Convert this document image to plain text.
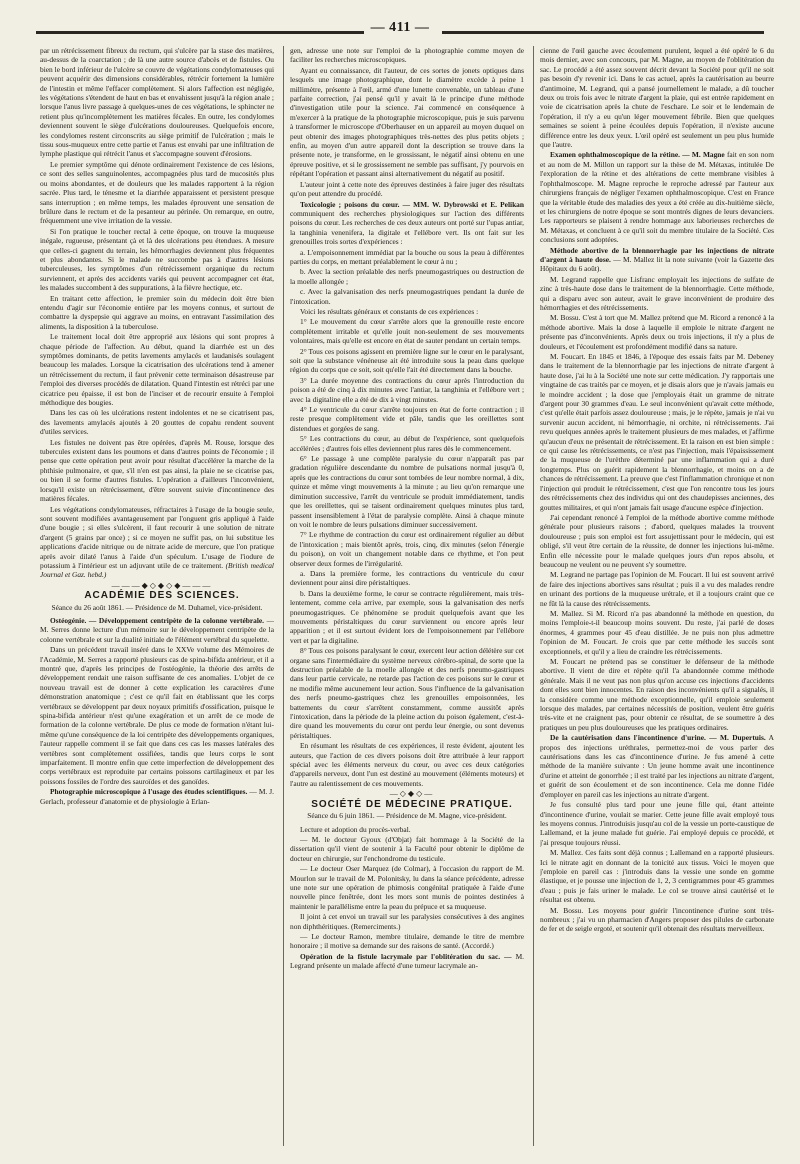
— 411 —

par un rétrécissement fibreux du rectum, qui s'ulcère par la stase des matières, au-dessus de la coarctation ; de là une autre source d'abcès et de fistules. Ou bien le bord inférieur de l'ulcère se couvre de végétations condylomateuses qui peuvent acquérir des dimensions considérables, rétrécir fortement la lumière de l'intestin et même l'effacer complètement. Si alors l'affection est négligée, les végétations s'étendent de haut en bas et envahissent jusqu'à la région anale ; lorsque l'anus livre passage à quelques-unes de ces végétations, le sphincter ne retient plus qu'incomplètement les matières fécales. En outre, les condylomes deviennent souvent le siège d'ulcérations douloureuses. Quelquefois encore, les condylomes restent circonscrits au siège primitif de l'ulcération ; mais le tissu sous-muqueux entre cette partie et l'anus est envahi par une infiltration de lymphe plastique qui rétrécit l'anus et s'accompagne souvent d'érosions.

Le premier symptôme qui dénote ordinairement l'existence de ces lésions, ce sont des selles sanguinolentes, accompagnées plus tard de mucosités plus ou moins abondantes, et de douleurs que les malades rapportent à la région sacrée. Plus tard, le ténesme et la diarrhée apparaissent et persistent presque sans interruption ; en même temps, les malades éprouvent une sensation de brûlure dans le rectum et de la pesanteur au périnée. On remarque, en outre, fréquemment une vive irritation de la vessie.

Si l'on pratique le toucher rectal à cette époque, on trouve la muqueuse inégale, rugueuse, présentant çà et là des ulcérations peu étendues. A mesure que celles-ci gagnent du terrain, les hémorrhagies deviennent plus fréquentes et plus abondantes. Si le malade ne succombe pas à d'autres lésions tuberculeuses, les symptômes d'un rétrécissement organique du rectum surviennent, et après des accidents variés qui peuvent accompagner cet état, les malades succombent à des suppurations, à la fièvre hectique, etc.

En traitant cette affection, le premier soin du médecin doit être bien entendu d'agir sur l'économie entière par les moyens connus, et surtout de combattre la dyspepsie qui aggrave au moins, en entravant l'assimilation des aliments, la disposition à la tuberculose.

Le traitement local doit être approprié aux lésions qui sont propres à chaque période de l'affection. Au début, quand la diarrhée est un des symptômes dominants, de petits lavements amylacés et laudanisés soulagent beaucoup les malades. Lorsque la cicatrisation des ulcérations tend à amener un rétrécissement du rectum, il faut prévenir cette terminaison désastreuse par l'emploi des diverses procédés de dilatation. Quand l'intestin est rétréci par une cicatrice peu épaisse, il est bon de l'inciser et de recourir ensuite à l'emploi méthodique des bougies.

Dans les cas où les ulcérations restent indolentes et ne se cicatrisent pas, des lavements amylacés ajoutés à 20 gouttes de copahu rendent souvent d'utiles services.

Les fistules ne doivent pas être opérées, d'après M. Rouse, lorsque des tubercules existent dans les poumons et dans d'autres points de l'économie ; il pense que cette opération peut avoir pour résultat d'accélérer la marche de la phthisie pulmonaire, et que, s'il n'en est pas ainsi, la plaie ne se cicatrise pas, ou bien il se forme d'autres fistules. L'opération a d'ailleurs l'inconvénient, lorsqu'il existe un rétrécissement, d'être souvent suivie d'incontinence des matières fécales.

Les végétations condylomateuses, réfractaires à l'usage de la bougie seule, sont souvent modifiées avantageusement par l'onguent gris appliqué à l'aide d'une bougie ; si elles s'ulcèrent, il faut recourir à une solution de nitrate d'argent (5 grains par once) ; si ce moyen ne suffit pas, on lui substitue les applications d'acide nitrique ou de nitrate acide de mercure, que l'on pratique après avoir dilaté l'anus à l'aide d'un spéculum. L'usage de l'iodure de potassium à l'intérieur est un adjuvant utile de ce traitement. (British medical Journal et Gaz. hebd.)

———◆◇◆◇◆———

ACADÉMIE DES SCIENCES.

Séance du 26 août 1861. — Présidence de M. Duhamel, vice-président.

Ostéogénie. — Développement centripète de la colonne vertébrale. — M. Serres donne lecture d'un mémoire sur le développement centripète de la colonne vertébrale et sur la dualité initiale de l'élément vertébral du squelette.

Dans un précédent travail inséré dans le XXVe volume des Mémoires de l'Académie, M. Serres a rapporté plusieurs cas de spina-bifida antérieur, et il a montré que, d'après les principes de l'ostéogénie, la théorie des arrêts de développement rendait une raison suffisante de ces anomalies. L'objet de ce nouveau travail est de donner à cette explication les caractères d'une démonstration anatomique ; c'est ce qu'il fait en établissant que les corps vertébraux se développent par deux noyaux primitifs d'ossification, puisque le spina-bifida antérieur n'est qu'une exagération et un arrêt de ce mode de formation de la colonne vertébrale. De plus ce mode de formation n'étant lui-même qu'une conséquence de la loi centripète des développements organiques, l'auteur rappelle comment il se fait que dans ces cas les masses latérales des vertèbres sont complètement ossifiées, tandis que leurs corps le sont imparfaitement. Il montre enfin que cette imperfection de développement des corps vertébraux est reproduite par certains poissons cartilagineux et par les poissons fossiles de l'ordre des sauroïdes et des ganoïdes.

Photographie microscopique à l'usage des études scientifiques. — M. J. Gerlach, professeur d'anatomie et de physiologie à Erlan-

gen, adresse une note sur l'emploi de la photographie comme moyen de faciliter les recherches microscopiques.

Ayant eu connaissance, dit l'auteur, de ces sortes de jonets optiques dans lesquels une image photographique, dont le diamètre excède à peine 1 millimètre, présente à l'œil, armé d'une lunette convenable, un tableau d'une parfaite correction, j'ai pensé qu'il y avait là le principe d'une méthode d'investigation utile pour la science. J'ai commencé en conséquence à m'exercer à la pratique de la photographie microscopique, puis je suis parvenu à transformer le microscope d'Oberhauser en un appareil au moyen duquel on peut obtenir des images photographiques très-nettes des plus petits objets ; enfin, au moyen d'un autre appareil dont la description se trouve dans la présente note, je transforme, en le grossissant, le négatif ainsi obtenu en une épreuve positive, et si le grossissement ne semble pas suffisant, j'y pourvois en répétant l'opération et passant ainsi alternativement du négatif au positif.

L'auteur joint à cette note des épreuves destinées à faire juger des résultats qu'on peut attendre du procédé.

Toxicologie ; poisons du cœur. — MM. W. Dybrowski et E. Pelikan communiquent des recherches physiologiques sur l'action des différents poisons du cœur. Les recherches de ces deux auteurs ont porté sur l'upas antiar, la tanghinia venenifera, la digitale et l'ellébore vert. Ils ont fait sur les grenouilles trois sortes d'expériences :

a. L'empoisonnement immédiat par la bouche ou sous la peau à différentes parties du corps, en mettant préalablement le cœur à nu ;

b. Avec la section préalable des nerfs pneumogastriques ou destruction de la moelle allongée ;

c. Avec la galvanisation des nerfs pneumogastriques pendant la durée de l'intoxication.

Voici les résultats généraux et constants de ces expériences :

1° Le mouvement du cœur s'arrête alors que la grenouille reste encore complètement irritable et qu'elle jouit non-seulement de ses mouvements volontaires, mais qu'elle est encore en état de sauter pendant un certain temps.

2° Tous ces poisons agissent en première ligne sur le cœur en le paralysant, soit que la substance vénéneuse ait été introduite sous la peau dans quelque région du corps que ce soit, soit qu'elle l'ait été directement dans la bouche.

3° La durée moyenne des contractions du cœur après l'introduction du poison a été de cinq à dix minutes avec l'antiar, la tanghinia et l'ellébore vert ; avec la digitaline elle a été de dix à vingt minutes.

4° Le ventricule du cœur s'arrête toujours en état de forte contraction ; il reste presque complètement vide et pâle, tandis que les oreillettes sont distendues et gorgées de sang.

5° Les contractions du cœur, au début de l'expérience, sont quelquefois accélérées ; d'autres fois elles deviennent plus rares dès le commencement.

6° Le passage à une complète paralysie du cœur n'apparaît pas par gradation régulière descendante du nombre de pulsations normal jusqu'à 0, après que les contractions du cœur sont tombées de leur nombre normal, à dix, quinze et même vingt mouvements à la minute ; au lieu qu'on remarque une diminution successive, l'arrêt du ventricule se produit immédiatement, tandis que les oreillettes, qui se taisent ordinairement quelques minutes plus tard, passent insensiblement à l'état de paralysie complète. Ainsi à chaque minute on voit le nombre de leurs pulsations diminuer successivement.

7° Le rhythme de contraction du cœur est ordinairement régulier au début de l'intoxication ; mais bientôt après, trois, cinq, dix minutes (selon l'énergie du poison), on voit un changement notable dans ce rhythme, et l'on peut observer deux formes de l'irrégularité.

a. Dans la première forme, les contractions du ventricule du cœur deviennent pour ainsi dire péristaltiques.

b. Dans la deuxième forme, le cœur se contracte régulièrement, mais très-lentement, comme cela arrive, par exemple, sous la galvanisation des nerfs pneumogastriques. Ce phénomène se produit quelquefois avant que les mouvements péristaltiques du cœur surviennent ou encore après leur apparition ; et il est surtout évident lors de l'empoisonnement par l'ellébore vert et par la digitaline.

8° Tous ces poisons paralysant le cœur, exercent leur action délétère sur cet organe sans l'intermédiaire du système nerveux cérébro-spinal, de sorte que la destruction préalable de la moelle allongée et des nerfs pneumo-gastriques dans leur partie cervicale, ne retarde pas l'action de ces poisons sur le cœur et ne modifie même aucunement leur action. Sous l'influence de la galvanisation des nerfs pneumo-gastriques chez les grenouilles empoisonnées, les battements du cœur s'arrêtent constamment, comme aussitôt après l'intoxication, dans la période de la pleine action du poison également, c'est-à-dire quand les mouvements du cœur ont perdu leur énergie, ou sont devenus péristaltiques.

En résumant les résultats de ces expériences, il reste évident, ajoutent les auteurs, que l'action de ces divers poisons doit être attribuée à leur rapport spécial avec les éléments nerveux du cœur, ou avec ces deux catégories d'appareils nerveux, dont l'un est destiné au mouvement (éléments moteurs) et l'autre au ralentissement de ces mouvements.

—◇◆◇—

SOCIÉTÉ DE MÉDECINE PRATIQUE.

Séance du 6 juin 1861. — Présidence de M. Magne, vice-président.

Lecture et adoption du procès-verbal.

— M. le docteur Gyoux (d'Objat) fait hommage à la Société de la dissertation qu'il vient de soutenir à la Faculté pour obtenir le diplôme de docteur en chirurgie, sur l'enchondrome du testicule.

— Le docteur Oser Marquez (de Colmar), à l'occasion du rapport de M. Mourlon sur le travail de M. Polonitsky, lu dans la séance précédente, adresse une note sur une opération de phimosis congénital pratiquée à l'aide d'une nouvelle pince fenêtrée, dont les mors sont munis de pointes destinées à maintenir le parallélisme entre la peau du prépuce et sa muqueuse.

Il joint à cet envoi un travail sur les paralysies consécutives à des angines non diphthéritiques. (Remerciments.)

— Le docteur Ramon, membre titulaire, demande le titre de membre honoraire ; il motive sa demande sur des raisons de santé. (Accordé.)

Opération de la fistule lacrymale par l'oblitération du sac. — M. Legrand présente un malade affecté d'une tumeur lacrymale an-

cienne de l'œil gauche avec écoulement purulent, lequel a été opéré le 6 du mois dernier, avec son concours, par M. Magne, au moyen de l'oblitération du sac. Le procédé a été assez souvent décrit devant la Société pour qu'il ne soit pas besoin d'y revenir ici. Dans le cas actuel, après la cautérisation au beurre d'antimoine, M. Legrand, qui a pansé journellement le malade, a dû toucher deux ou trois fois avec le nitrate d'argent la plaie, qui est entrée rapidement en voie de cicatrisation après la chute de l'eschare. Le soir et le lendemain de l'opération, il n'y a eu qu'un léger mouvement fébrile. Bien que quelques semaines se soient à peine écoulées depuis l'opération, il n'existe aucune différence entre les deux yeux. L'œil opéré est seulement un peu plus humide que l'autre.

Examen ophthalmoscopique de la rétine. — M. Magne fait en son nom et au nom de M. Millon un rapport sur la thèse de M. Métaxas, intitulée De l'exploration de la rétine et des altérations de cette membrane visibles à l'ophthalmoscope. M. Magne reproche le reproche adressé par l'auteur aux chirurgiens français de négliger l'examen ophthalmoscopique. C'est en France que la véritable étude des maladies des yeux a été créée au dix-huitième siècle, et les chirurgiens de notre époque se sont montrés dignes de leurs devanciers. Les rapporteurs se plaisent à rendre hommage aux laborieuses recherches de M. Métaxas, et concluent à ce qu'il soit du membre titulaire de la Société. Ces conclusions sont adoptées.

Méthode abortive de la blennorrhagie par les injections de nitrate d'argent à haute dose. — M. Mallez lit la note suivante (voir la Gazette des Hôpitaux du 6 août).

M. Legrand rappelle que Lisfranc employait les injections de sulfate de zinc à très-haute dose dans le traitement de la blennorrhagie. Cette méthode, qui a disparu avec son auteur, avait le grave inconvénient de produire des hémorrhagies et des rétrécissements.

M. Bossu. C'est à tort que M. Mallez prétend que M. Ricord a renoncé à la méthode abortive. Mais la dose à laquelle il emploie le nitrate d'argent ne présente pas d'inconvénients. Après deux ou trois injections, il n'y a plus de douleurs, et l'écoulement est profondément modifié dans sa nature.

M. Foucart. En 1845 et 1846, à l'époque des essais faits par M. Debeney dans le traitement de la blennorrhagie par les injections de nitrate d'argent à haute dose, j'ai lu à la Société une note sur cette médication. J'y rapportais une vingtaine de cas traités par ce moyen, et je disais alors que je n'avais jamais eu le moindre accident ; la dose que j'employais était un gramme de nitrate d'argent pour 30 grammes d'eau. Le seul inconvénient qu'avait cette méthode, c'est qu'elle était parfois assez douloureuse ; mais, je le répète, jamais je n'ai vu survenir aucun accident, ni hémorrhagie, ni orchite, ni rétrécissements. J'ai revu quelques années après le traitement plusieurs de mes malades, et j'affirme qu'aucun d'eux ne présentait de rétrécissement. Et la raison en est bien simple : ce qui cause les rétrécissements, ce n'est pas l'injection, mais l'épaississement de la muqueuse de l'urèthre déterminé par une inflammation qui a duré longtemps. Plus on guérit rapidement la blennorrhagie, et moins on a de chances de rétrécissement. La preuve que c'est l'inflammation chronique et non l'injection qui produit le rétrécissement, c'est que l'on rencontre tous les jours des rétrécissements chez des individus qui ont des chaudepisses anciennes, des gouttes militaires, et qui n'ont jamais fait usage d'aucune espèce d'injection.

J'ai cependant renoncé à l'emploi de la méthode abortive comme méthode générale pour plusieurs raisons ; d'abord, quelques malades la trouvent douloureuse ; puis son emploi est fort assujettissant pour le médecin, qui est obligé, s'il veut être certain de la réussite, de donner les injections lui-même. Enfin elle nécessite pour le malade quelques jours d'un repos absolu, et beaucoup ne veulent ou ne peuvent s'y soumettre.

M. Legrand ne partage pas l'opinion de M. Foucart. Il lui est souvent arrivé de faire des injections abortives sans résultat ; puis il a vu des malades rendre en urinant des portions de la muqueuse urétrale, et il a toujours craint que ce ne fût là la cause des rétrécissements.

M. Mallez. Si M. Ricord n'a pas abandonné la méthode en question, du moins l'emploie-t-il beaucoup moins souvent. Du reste, j'ai parlé de doses énormes, 4 grammes pour 45 d'eau distillée. Je ne puis non plus admettre l'opinion de M. Foucart. Je crois que par cette méthode les succès sont exceptionnels, et qu'il y a lieu de craindre les rétrécissements.

M. Foucart ne prétend pas se constituer le défenseur de la méthode abortive. Il vient de dire et répète qu'il l'a abandonnée comme méthode générale. Mais il ne veut pas non plus qu'on accuse ces injections d'accidents dont elles sont bien innocentes. En raison des inconvénients qu'il a signalés, il la considère comme une méthode exceptionnelle, qu'il emploie seulement lorsque des malades, par certaines nécessités de position, veulent être guéris très-vite et ne craignent pas, pour obtenir ce résultat, de se soumettre à des pratiques un peu plus douloureuses que les pratiques ordinaires.

De la cautérisation dans l'incontinence d'urine. — M. Dupertuis. A propos des injections uréthrales, permettez-moi de vous parler des cautérisations dans les cas d'incontinence d'urine. Je fus amené à cette méthode de la manière suivante : Un jeune homme avait une incontinence d'urine et atteint de gonorrhée ; il est traité par les injections au nitrate d'argent, et guérit de son écoulement et de son incontinence. Cela me donne l'idée d'employer en pareil cas les injections au nitrate d'argent.

Je fus consulté plus tard pour une jeune fille qui, étant atteinte d'incontinence d'urine, voulait se marier. Cette jeune fille avait employé tous les moyens connus. J'introduisis jusqu'au col de la vessie un porte-caustique de Lallemand, et la jeune malade fut guérie. J'ai employé depuis ce procédé, et j'ai presque toujours réussi.

M. Mallez. Ces faits sont déjà connus ; Lallemand en a rapporté plusieurs. Ici le nitrate agit en donnant de la tonicité aux tissus. Voici le moyen que j'emploie en pareil cas : j'introduis dans la vessie une sonde en gomme élastique, et je pousse une injection de 1, 2, 3 centigrammes pour 45 grammes d'eau ; puis je fais uriner le malade. Le col se trouve ainsi cautérisé et le résultat est obtenu.

M. Bossu. Les moyens pour guérir l'incontinence d'urine sont très-nombreux ; j'ai vu un pharmacien d'Angers proposer des pilules de carbonate de fer et de seigle ergoté, et soutenir qu'il obtenait des résultats merveilleux.
